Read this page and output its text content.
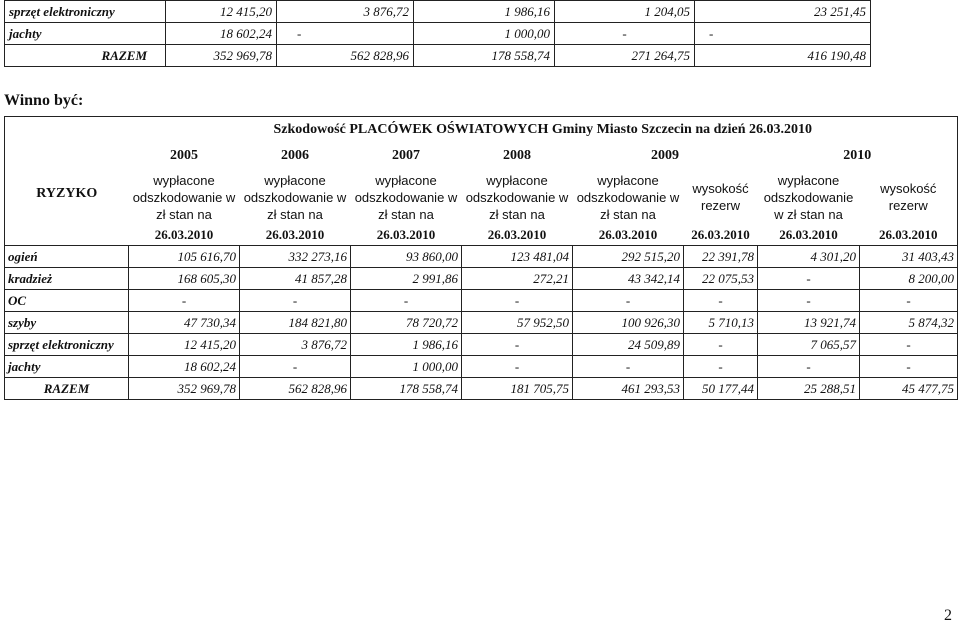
sprzęt elektroniczny	12 415,20	3 876,72	1 986,16	1 204,05	23 251,45
jachty	18 602,24	-	1 000,00	-	-
RAZEM	352 969,78	562 828,96	178 558,74	271 264,75	416 190,48
Winno być:
	Szkodowość PLACÓWEK OŚWIATOWYCH Gminy Miasto Szczecin na dzień 26.03.2010							
RYZYKO	2005	2006	2007	2008	2009		2010	
	wypłacone odszkodowanie w zł stan na	wypłacone odszkodowanie w zł stan na	wypłacone odszkodowanie w zł stan na	wypłacone odszkodowanie w zł stan na	wypłacone odszkodowanie w zł stan na	wysokość rezerw	wypłacone odszkodowanie w zł stan na	wysokość rezerw
	26.03.2010	26.03.2010	26.03.2010	26.03.2010	26.03.2010	26.03.2010	26.03.2010	26.03.2010
ogień	105 616,70	332 273,16	93 860,00	123 481,04	292 515,20	22 391,78	4 301,20	31 403,43
kradzież	168 605,30	41 857,28	2 991,86	272,21	43 342,14	22 075,53	-	8 200,00
OC	-	-	-	-	-	-	-	-
szyby	47 730,34	184 821,80	78 720,72	57 952,50	100 926,30	5 710,13	13 921,74	5 874,32
sprzęt elektroniczny	12 415,20	3 876,72	1 986,16	-	24 509,89	-	7 065,57	-
jachty	18 602,24	-	1 000,00	-	-	-	-	-
RAZEM	352 969,78	562 828,96	178 558,74	181 705,75	461 293,53	50 177,44	25 288,51	45 477,75
2
